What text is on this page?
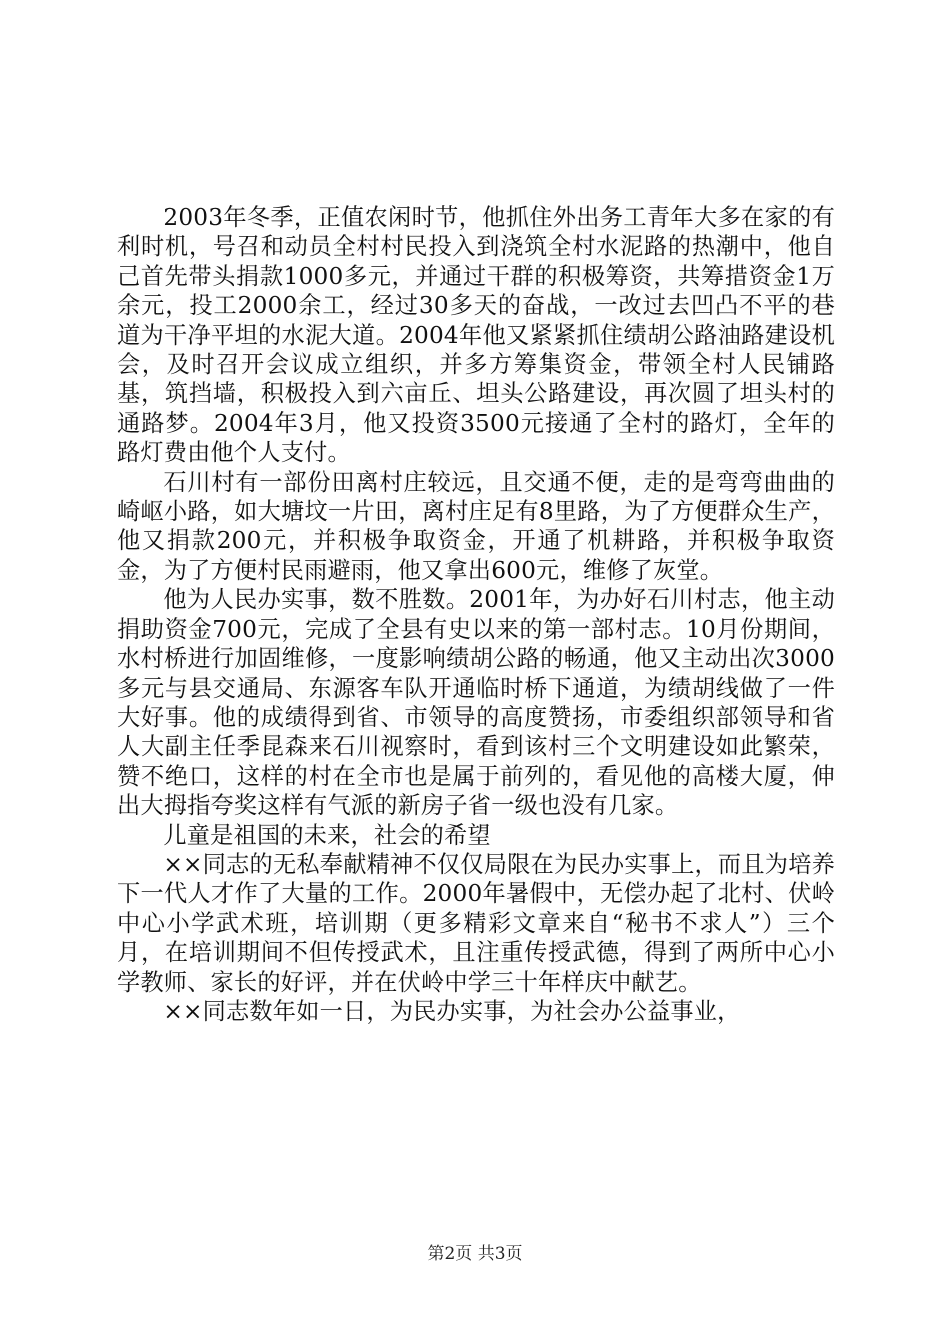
2003年冬季，正值农闲时节，他抓住外出务工青年大多在家的有利时机，号召和动员全村村民投入到浇筑全村水泥路的热潮中，他自己首先带头捐款1000多元，并通过干群的积极筹资，共筹措资金1万余元，投工2000余工，经过30多天的奋战，一改过去凹凸不平的巷道为干净平坦的水泥大道。2004年他又紧紧抓住绩胡公路油路建设机会，及时召开会议成立组织，并多方筹集资金，带领全村人民铺路基，筑挡墙，积极投入到六亩丘、坦头公路建设，再次圆了坦头村的通路梦。2004年3月，他又投资3500元接通了全村的路灯，全年的路灯费由他个人支付。

石川村有一部份田离村庄较远，且交通不便，走的是弯弯曲曲的崎岖小路，如大塘坟一片田，离村庄足有8里路，为了方便群众生产，他又捐款200元，并积极争取资金，开通了机耕路，并积极争取资金，为了方便村民雨避雨，他又拿出600元，维修了灰堂。

他为人民办实事，数不胜数。2001年，为办好石川村志，他主动捐助资金700元，完成了全县有史以来的第一部村志。10月份期间，水村桥进行加固维修，一度影响绩胡公路的畅通，他又主动出次3000多元与县交通局、东源客车队开通临时桥下通道，为绩胡线做了一件大好事。他的成绩得到省、市领导的高度赞扬，市委组织部领导和省人大副主任季昆森来石川视察时，看到该村三个文明建设如此繁荣，赞不绝口，这样的村在全市也是属于前列的，看见他的高楼大厦，伸出大拇指夸奖这样有气派的新房子省一级也没有几家。

儿童是祖国的未来，社会的希望

××同志的无私奉献精神不仅仅局限在为民办实事上，而且为培养下一代人才作了大量的工作。2000年暑假中，无偿办起了北村、伏岭中心小学武术班，培训期（更多精彩文章来自“秘书不求人”）三个月，在培训期间不但传授武术，且注重传授武德，得到了两所中心小学教师、家长的好评，并在伏岭中学三十年样庆中献艺。

××同志数年如一日，为民办实事，为社会办公益事业，

第2页 共3页
